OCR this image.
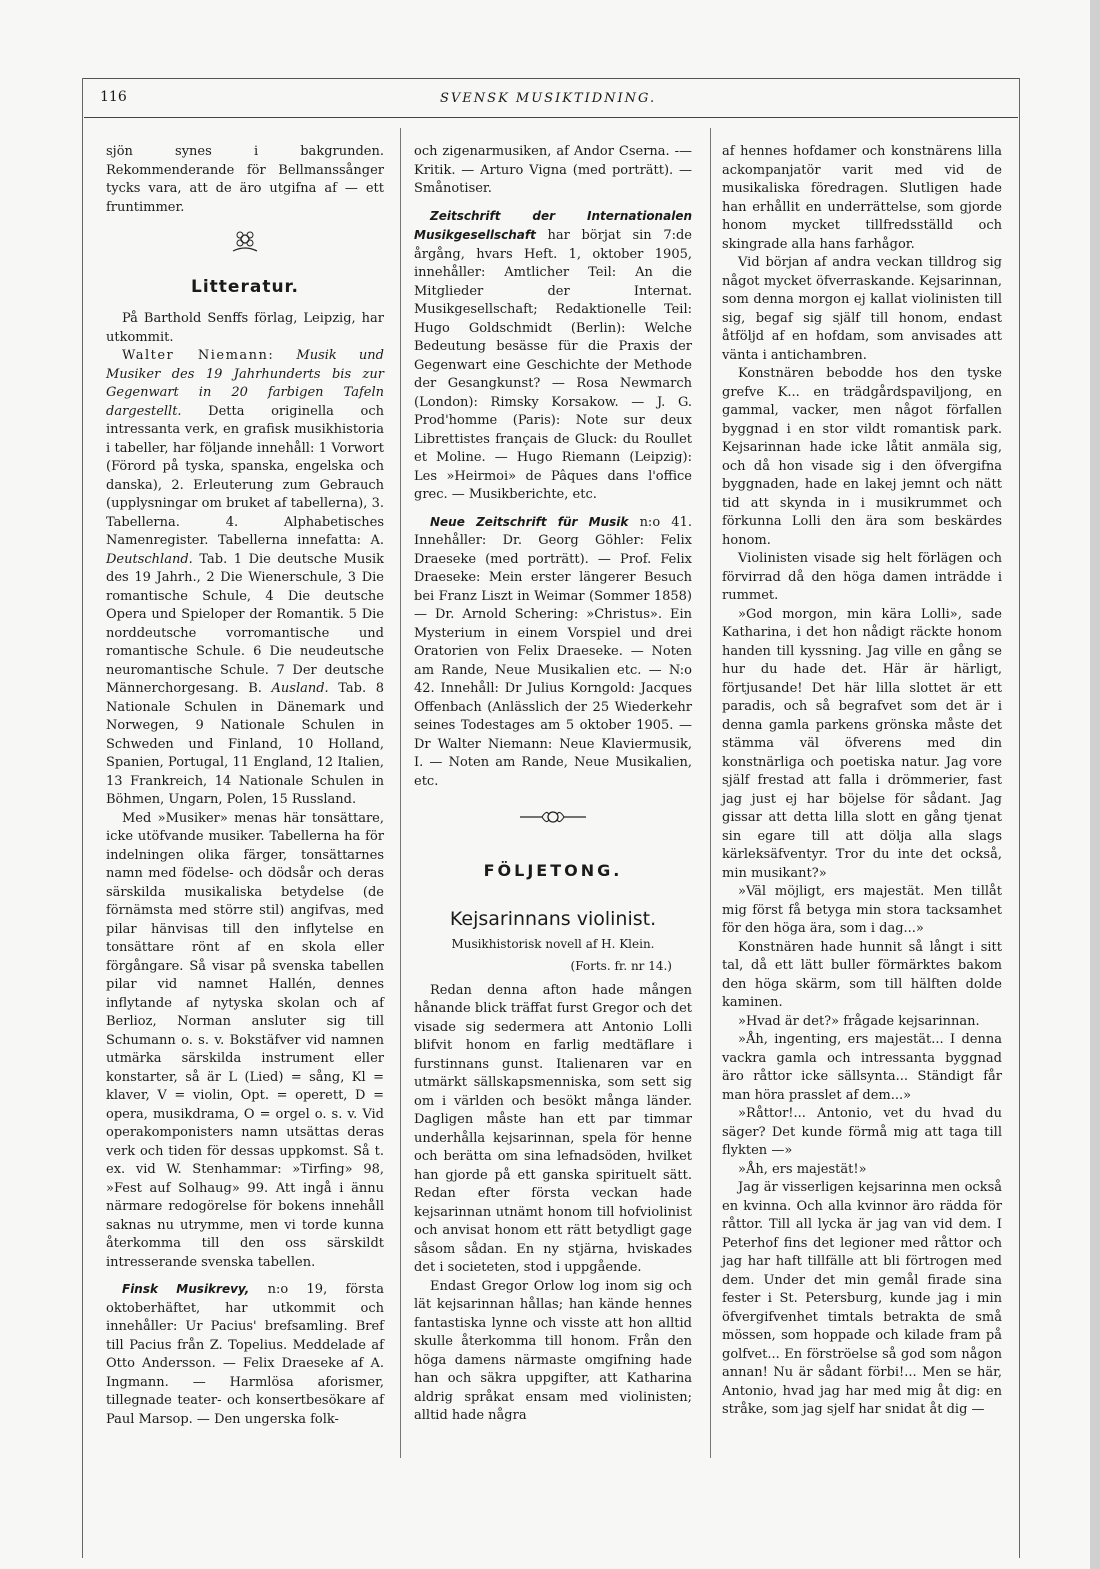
116	SVENSK MUSIKTIDNING.

sjön synes i bakgrunden. Rekommenderande för Bellmanssånger tycks vara, att de äro utgifna af — ett fruntimmer.

Litteratur.

På Barthold Senffs förlag, Leipzig, har utkommit.

Walter Niemann: Musik und Musiker des 19 Jahrhunderts bis zur Gegenwart in 20 farbigen Tafeln dargestellt. Detta originella och intressanta verk, en grafisk musikhistoria i tabeller, har följande innehåll: 1 Vorwort (Förord på tyska, spanska, engelska och danska), 2. Erleuterung zum Gebrauch (upplysningar om bruket af tabellerna), 3. Tabellerna. 4. Alphabetisches Namenregister. Tabellerna innefatta: A. Deutschland. Tab. 1 Die deutsche Musik des 19 Jahrh., 2 Die Wienerschule, 3 Die romantische Schule, 4 Die deutsche Opera und Spieloper der Romantik. 5 Die norddeutsche vorromantische und romantische Schule. 6 Die neudeutsche neuromantische Schule. 7 Der deutsche Männerchorgesang. B. Ausland. Tab. 8 Nationale Schulen in Dänemark und Norwegen, 9 Nationale Schulen in Schweden und Finland, 10 Holland, Spanien, Portugal, 11 England, 12 Italien, 13 Frankreich, 14 Nationale Schulen in Böhmen, Ungarn, Polen, 15 Russland.

Med »Musiker» menas här tonsättare, icke utöfvande musiker. Tabellerna ha för indelningen olika färger, tonsättarnes namn med födelse- och dödsår och deras särskilda musikaliska betydelse (de förnämsta med större stil) angifvas, med pilar hänvisas till den inflytelse en tonsättare rönt af en skola eller förgångare. Så visar på svenska tabellen pilar vid namnet Hallén, dennes inflytande af nytyska skolan och af Berlioz, Norman ansluter sig till Schumann o. s. v. Bokstäfver vid namnen utmärka särskilda instrument eller konstarter, så är L (Lied) = sång, Kl = klaver, V = violin, Opt. = operett, D = opera, musikdrama, O = orgel o. s. v. Vid operakomponisters namn utsättas deras verk och tiden för dessas uppkomst. Så t. ex. vid W. Stenhammar: »Tirfing» 98, »Fest auf Solhaug» 99. Att ingå i ännu närmare redogörelse för bokens innehåll saknas nu utrymme, men vi torde kunna återkomma till den oss särskildt intresserande svenska tabellen.

Finsk Musikrevy, n:o 19, första oktoberhäftet, har utkommit och innehåller: Ur Pacius' brefsamling. Bref till Pacius från Z. Topelius. Meddelade af Otto Andersson. — Felix Draeseke af A. Ingmann. — Harmlösa aforismer, tillegnade teater- och konsertbesökare af Paul Marsop. — Den ungerska folk-

och zigenarmusiken, af Andor Cserna. -— Kritik. — Arturo Vigna (med porträtt). — Smånotiser.

Zeitschrift der Internationalen Musikgesellschaft har börjat sin 7:de årgång, hvars Heft. 1, oktober 1905, innehåller: Amtlicher Teil: An die Mitglieder der Internat. Musikgesellschaft; Redaktionelle Teil: Hugo Goldschmidt (Berlin): Welche Bedeutung besässe für die Praxis der Gegenwart eine Geschichte der Methode der Gesangkunst? — Rosa Newmarch (London): Rimsky Korsakow. — J. G. Prod'homme (Paris): Note sur deux Librettistes français de Gluck: du Roullet et Moline. — Hugo Riemann (Leipzig): Les »Heirmoi» de Pâques dans l'office grec. — Musikberichte, etc.

Neue Zeitschrift für Musik n:o 41. Innehåller: Dr. Georg Göhler: Felix Draeseke (med porträtt). — Prof. Felix Draeseke: Mein erster längerer Besuch bei Franz Liszt in Weimar (Sommer 1858) — Dr. Arnold Schering: »Christus». Ein Mysterium in einem Vorspiel und drei Oratorien von Felix Draeseke. — Noten am Rande, Neue Musikalien etc. — N:o 42. Innehåll: Dr Julius Korngold: Jacques Offenbach (Anlässlich der 25 Wiederkehr seines Todestages am 5 oktober 1905. — Dr Walter Niemann: Neue Klaviermusik, I. — Noten am Rande, Neue Musikalien, etc.

FÖLJETONG.
Kejsarinnans violinist.
Musikhistorisk novell af H. Klein.
(Forts. fr. nr 14.)

Redan denna afton hade mången hånande blick träffat furst Gregor och det visade sig sedermera att Antonio Lolli blifvit honom en farlig medtäflare i furstinnans gunst. Italienaren var en utmärkt sällskapsmenniska, som sett sig om i världen och besökt många länder. Dagligen måste han ett par timmar underhålla kejsarinnan, spela för henne och berätta om sina lefnadsöden, hvilket han gjorde på ett ganska spirituelt sätt. Redan efter första veckan hade kejsarinnan utnämt honom till hofviolinist och anvisat honom ett rätt betydligt gage såsom sådan. En ny stjärna, hviskades det i societeten, stod i uppgående.

Endast Gregor Orlow log inom sig och lät kejsarinnan hållas; han kände hennes fantastiska lynne och visste att hon alltid skulle återkomma till honom. Från den höga damens närmaste omgifning hade han och säkra uppgifter, att Katharina aldrig språkat ensam med violinisten; alltid hade några

af hennes hofdamer och konstnärens lilla ackompanjatör varit med vid de musikaliska föredragen. Slutligen hade han erhållit en underrättelse, som gjorde honom mycket tillfredsställd och skingrade alla hans farhågor.

Vid början af andra veckan tilldrog sig något mycket öfverraskande. Kejsarinnan, som denna morgon ej kallat violinisten till sig, begaf sig själf till honom, endast åtföljd af en hofdam, som anvisades att vänta i antichambren.

Konstnären bebodde hos den tyske grefve K... en trädgårdspaviljong, en gammal, vacker, men något förfallen byggnad i en stor vildt romantisk park. Kejsarinnan hade icke låtit anmäla sig, och då hon visade sig i den öfvergifna byggnaden, hade en lakej jemnt och nätt tid att skynda in i musikrummet och förkunna Lolli den ära som beskärdes honom.

Violinisten visade sig helt förlägen och förvirrad då den höga damen inträdde i rummet.

»God morgon, min kära Lolli», sade Katharina, i det hon nådigt räckte honom handen till kyssning. Jag ville en gång se hur du hade det. Här är härligt, förtjusande! Det här lilla slottet är ett paradis, och så begrafvet som det är i denna gamla parkens grönska måste det stämma väl öfverens med din konstnärliga och poetiska natur. Jag vore själf frestad att falla i drömmerier, fast jag just ej har böjelse för sådant. Jag gissar att detta lilla slott en gång tjenat sin egare till att dölja alla slags kärleksäfventyr. Tror du inte det också, min musikant?»

»Väl möjligt, ers majestät. Men tillåt mig först få betyga min stora tacksamhet för den höga ära, som i dag...»

Konstnären hade hunnit så långt i sitt tal, då ett lätt buller förmärktes bakom den höga skärm, som till hälften dolde kaminen.

»Hvad är det?» frågade kejsarinnan.

»Åh, ingenting, ers majestät... I denna vackra gamla och intressanta byggnad äro råttor icke sällsynta... Ständigt får man höra prasslet af dem...»

»Råttor!... Antonio, vet du hvad du säger? Det kunde förmå mig att taga till flykten —»

»Åh, ers majestät!»

Jag är visserligen kejsarinna men också en kvinna. Och alla kvinnor äro rädda för råttor. Till all lycka är jag van vid dem. I Peterhof fins det legioner med råttor och jag har haft tillfälle att bli förtrogen med dem. Under det min gemål firade sina fester i St. Petersburg, kunde jag i min öfvergifvenhet timtals betrakta de små mössen, som hoppade och kilade fram på golfvet... En förströelse så god som någon annan! Nu är sådant förbi!... Men se här, Antonio, hvad jag har med mig åt dig: en stråke, som jag sjelf har snidat åt dig —
